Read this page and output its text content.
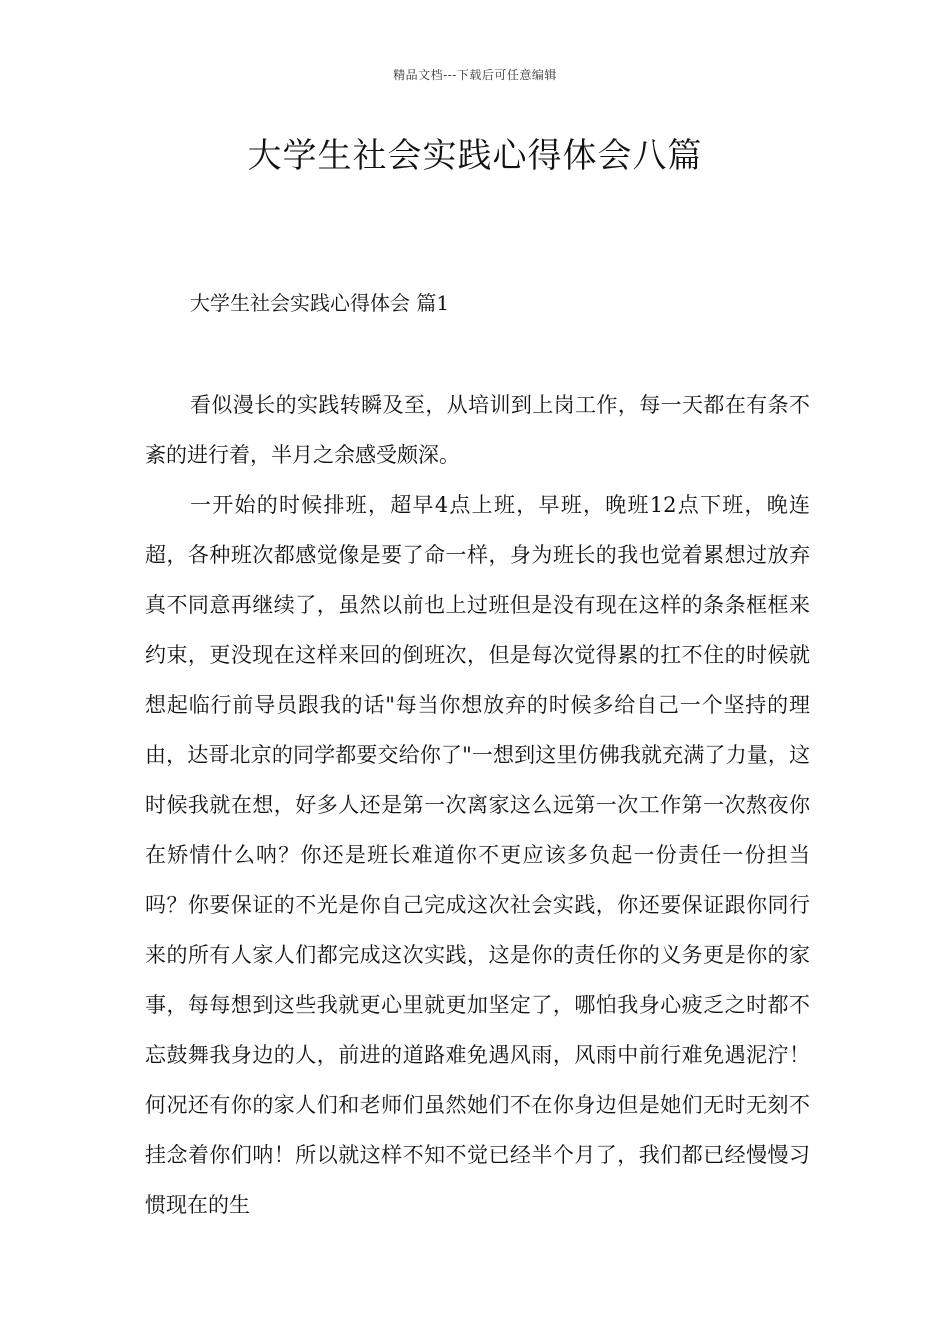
精品文档---下载后可任意编辑
大学生社会实践心得体会八篇
大学生社会实践心得体会 篇1

看似漫长的实践转瞬及至，从培训到上岗工作，每一天都在有条不紊的进行着，半月之余感受颇深。

一开始的时候排班，超早4点上班，早班，晚班12点下班，晚连超，各种班次都感觉像是要了命一样，身为班长的我也觉着累想过放弃真不同意再继续了，虽然以前也上过班但是没有现在这样的条条框框来约束，更没现在这样来回的倒班次，但是每次觉得累的扛不住的时候就想起临行前导员跟我的话"每当你想放弃的时候多给自己一个坚持的理由，达哥北京的同学都要交给你了"一想到这里仿佛我就充满了力量，这时候我就在想，好多人还是第一次离家这么远第一次工作第一次熬夜你在矫情什么呐？你还是班长难道你不更应该多负起一份责任一份担当吗？你要保证的不光是你自己完成这次社会实践，你还要保证跟你同行来的所有人家人们都完成这次实践，这是你的责任你的义务更是你的家事，每每想到这些我就更心里就更加坚定了，哪怕我身心疲乏之时都不忘鼓舞我身边的人，前进的道路难免遇风雨，风雨中前行难免遇泥泞！何况还有你的家人们和老师们虽然她们不在你身边但是她们无时无刻不挂念着你们呐！所以就这样不知不觉已经半个月了，我们都已经慢慢习惯现在的生
